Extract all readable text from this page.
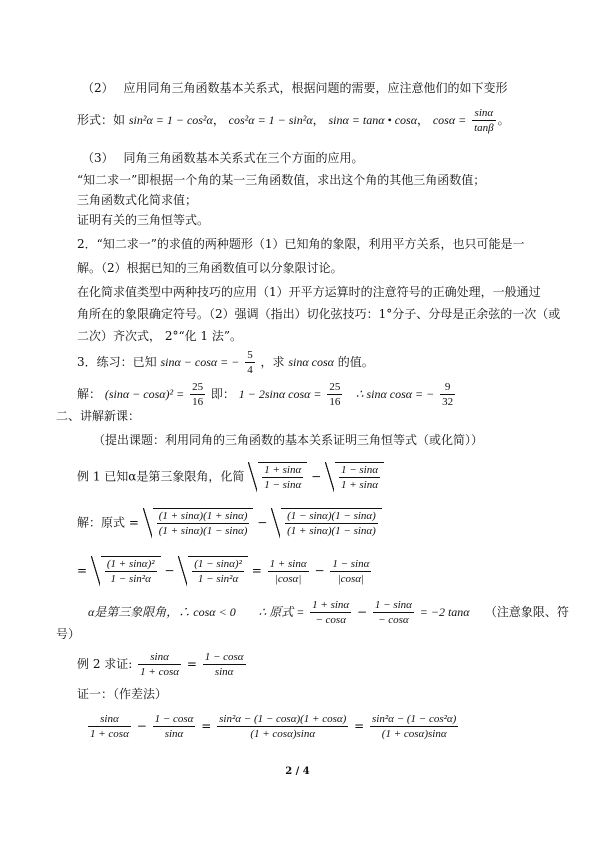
（2）　 应用同角三角函数基本关系式，根据问题的需要，应注意他们的如下变形
形式：如 sin²α = 1 − cos²α， cos²α = 1 − sin²α， sinα = tanα • cosα， $\cos\alpha = \frac{\sin\alpha}{\tan\beta}$ 。
（3）　 同角三角函数基本关系式在三个方面的应用。
“知二求一”即根据一个角的某一三角函数值，求出这个角的其他三角函数值；
三角函数式化简求值；
证明有关的三角恒等式。
2．“知二求一”的求值的两种题形（1）已知角的象限，利用平方关系，也只可能是一
解。（2）根据已知的三角函数值可以分象限讨论。
在化简求值类型中两种技巧的应用（1）开平方运算时的注意符号的正确处理，一般通过
角所在的象限确定符号。（2）强调（指出）切化弦技巧：1°分子、分母是正余弦的一次（或
二次）齐次式， 2°“化 1 法”。
3．练习：已知 sinα − cosα = − $\frac{5}{4}$ ，求 sinα cosα 的值。
解： $(\sin\alpha - \cos\alpha)^2 = \frac{25}{16}$ 即： 1 − 2sinα $\cos\alpha = \frac{25}{16}$ ∴ sinα cosα = − $\frac{9}{32}$
二、讲解新课：
（提出课题：利用同角的三角函数的基本关系证明三角恒等式（或化简））
例 1 已知α是第三象限角，化简 $\frac{1 + \sin\alpha}{1 - \sin\alpha} - \frac{1 - \sin\alpha}{1 + \sin\alpha}$
解：原式 = $\frac{(1 + \sin\alpha)(1 + \sin\alpha)}{(1 + \sin\alpha)(1 - \sin\alpha)} - \frac{(1 - \sin\alpha)(1 - \sin\alpha)}{(1 + \sin\alpha)(1 - \sin\alpha)}$
= $\frac{\text{(1 + sinα)²}}{\text{1 − sin²α}} - \frac{\text{(1 − sinα)²}}{\text{1 − sin²α}} = \frac{1 + \sin\alpha}{|\cos\alpha|} - \frac{1 - \sin\alpha}{|\cos\alpha|}$
α是第三象限角，∴ cosα < 0 ∴ 原式 = $\frac{1 + \sin\alpha}{- \cos\alpha} - \frac{1 - \sin\alpha}{- \cos\alpha} = -2$ tanα （注意象限、符
号）
例 2 求证: $\frac{\sin\alpha}{1 + \cos\alpha} = \frac{1 - \cos\alpha}{\sin\alpha}$
证一：（作差法）
$\frac{\sin\alpha}{1 + \cos\alpha} - \frac{1 - \cos\alpha}{\sin\alpha} = \frac{\text{sin²α − (1 − cosα)(1 + cosα)}}{(1 + \cos\alpha)\sin\alpha} = \frac{\text{sin²α − (1 − cos²α)}}{(1 + \cos\alpha)\sin\alpha}$
2 / 4
